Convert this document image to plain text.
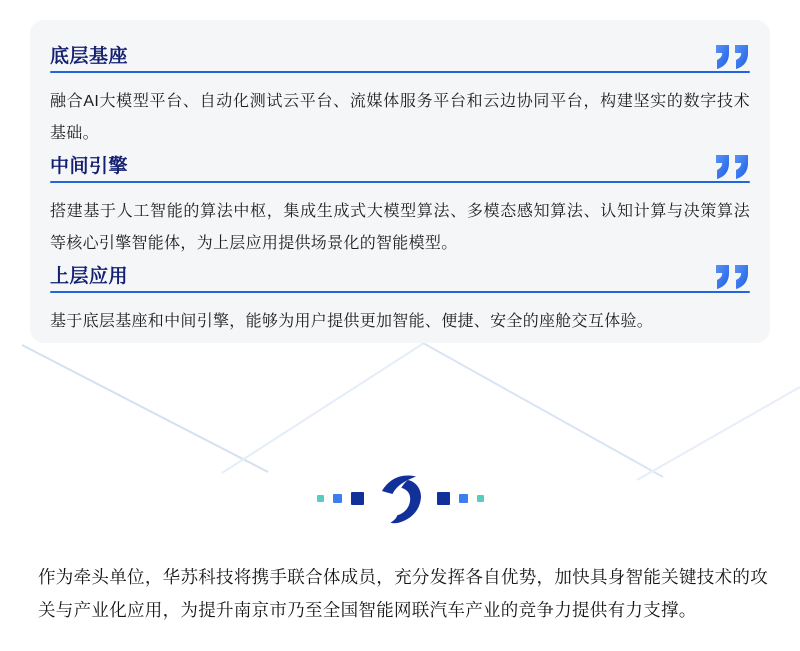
底层基座

融合AI大模型平台、自动化测试云平台、流媒体服务平台和云边协同平台，构建坚实的数字技术基础。

中间引擎

搭建基于人工智能的算法中枢，集成生成式大模型算法、多模态感知算法、认知计算与决策算法等核心引擎智能体，为上层应用提供场景化的智能模型。

上层应用

基于底层基座和中间引擎，能够为用户提供更加智能、便捷、安全的座舱交互体验。

作为牵头单位，华苏科技将携手联合体成员，充分发挥各自优势，加快具身智能关键技术的攻关与产业化应用，为提升南京市乃至全国智能网联汽车产业的竞争力提供有力支撑。
